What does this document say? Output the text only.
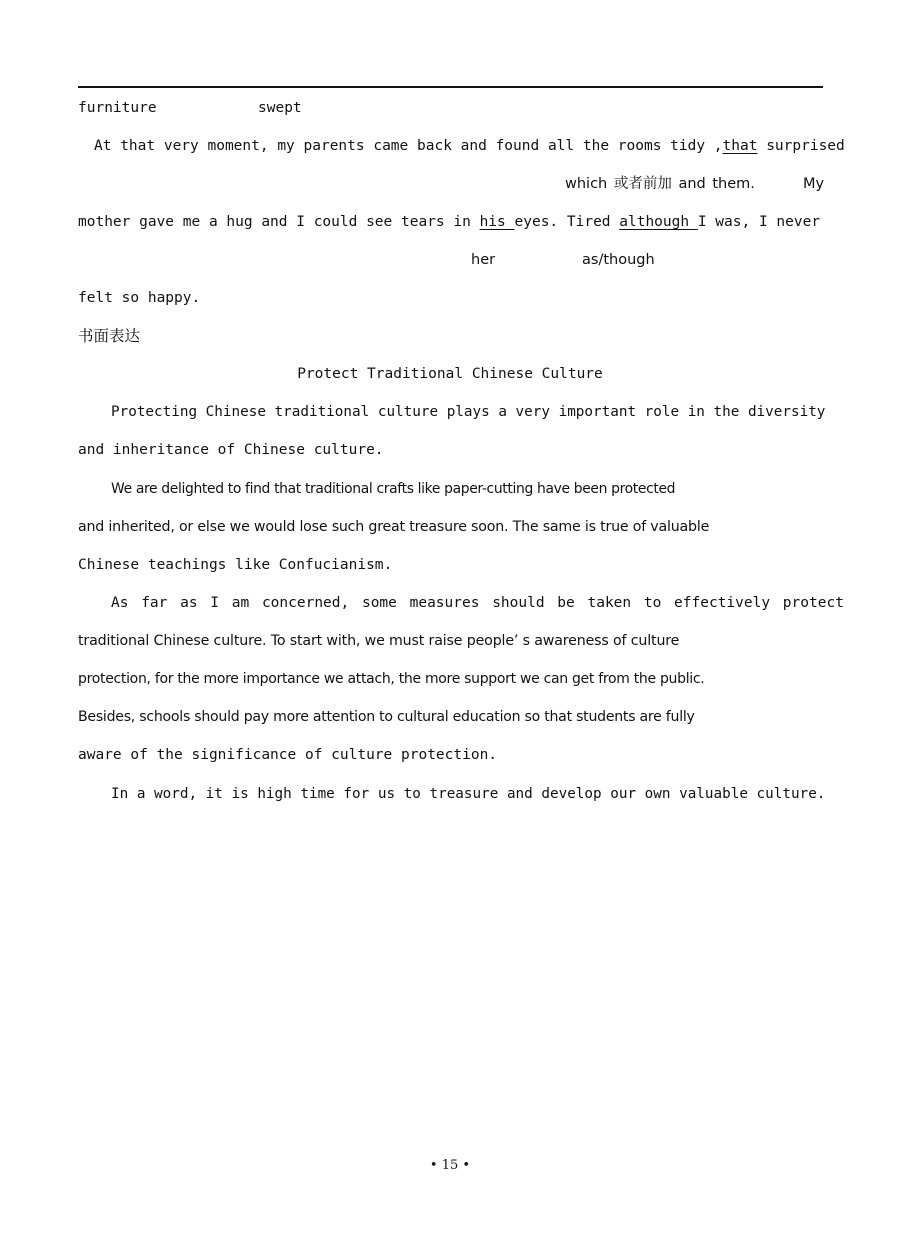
furniture	swept
At that very moment, my parents came back and found all the rooms tidy ,that surprised
which 或者前加 and them.	My
mother gave me a hug and I could see tears in his eyes. Tired although I was, I never
her	as/though
felt so happy.
书面表达
Protect Traditional Chinese Culture
Protecting Chinese traditional culture plays a very important role in the diversity
and inheritance of Chinese culture.
We are delighted to find that traditional crafts like paper-cutting have been protected
and inherited, or else we would lose such great treasure soon. The same is true of valuable
Chinese teachings like Confucianism.
As far as I am concerned, some measures should be taken to effectively protect
traditional Chinese culture. To start with, we must raise people’ s awareness of culture
protection, for the more importance we attach, the more support we can get from the public.
Besides, schools should pay more attention to cultural education so that students are fully
aware of the significance of culture protection.
In a word, it is high time for us to treasure and develop our own valuable culture.
• 15 •
